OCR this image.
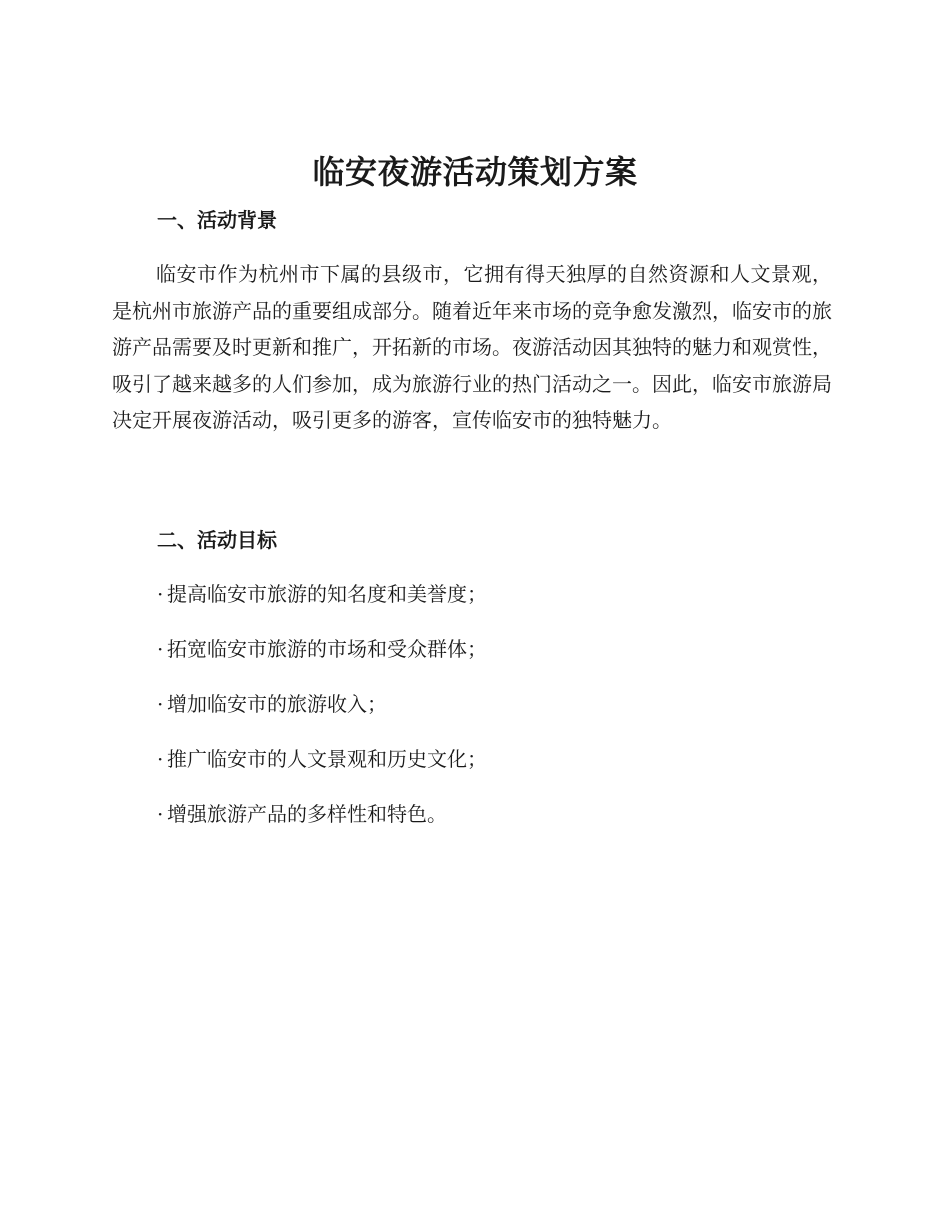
临安夜游活动策划方案
一、活动背景

临安市作为杭州市下属的县级市，它拥有得天独厚的自然资源和人文景观，是杭州市旅游产品的重要组成部分。随着近年来市场的竞争愈发激烈，临安市的旅游产品需要及时更新和推广，开拓新的市场。夜游活动因其独特的魅力和观赏性，吸引了越来越多的人们参加，成为旅游行业的热门活动之一。因此，临安市旅游局决定开展夜游活动，吸引更多的游客，宣传临安市的独特魅力。

二、活动目标
· 提高临安市旅游的知名度和美誉度；
· 拓宽临安市旅游的市场和受众群体；
· 增加临安市的旅游收入；
· 推广临安市的人文景观和历史文化；
· 增强旅游产品的多样性和特色。
